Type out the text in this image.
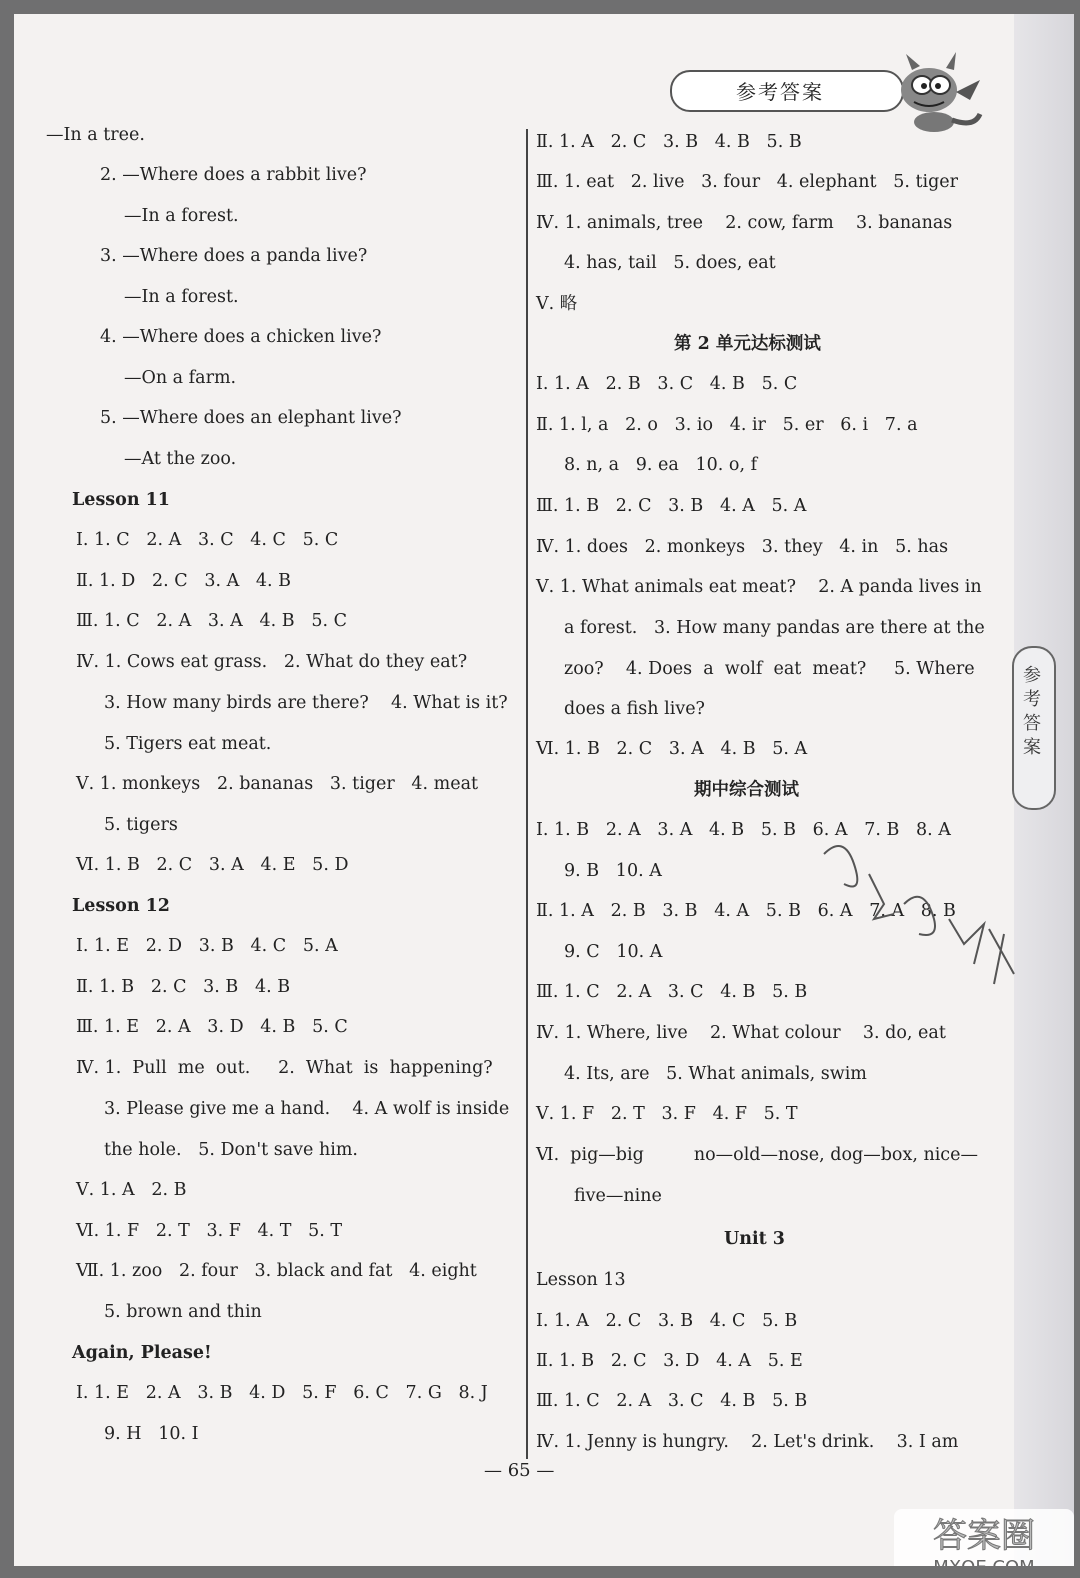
参考答案
参考答案
—In a tree.
2. —Where does a rabbit live?
—In a forest.
3. —Where does a panda live?
—In a forest.
4. —Where does a chicken live?
—On a farm.
5. —Where does an elephant live?
—At the zoo.
Lesson 11
Ⅰ. 1. C   2. A   3. C   4. C   5. C
Ⅱ. 1. D   2. C   3. A   4. B
Ⅲ. 1. C   2. A   3. A   4. B   5. C
Ⅳ. 1. Cows eat grass.   2. What do they eat?
3. How many birds are there?    4. What is it?
5. Tigers eat meat.
Ⅴ. 1. monkeys   2. bananas   3. tiger   4. meat
5. tigers
Ⅵ. 1. B   2. C   3. A   4. E   5. D
Lesson 12
Ⅰ. 1. E   2. D   3. B   4. C   5. A
Ⅱ. 1. B   2. C   3. B   4. B
Ⅲ. 1. E   2. A   3. D   4. B   5. C
Ⅳ. 1.  Pull  me  out.     2.  What  is  happening?
3. Please give me a hand.    4. A wolf is inside
the hole.   5. Don't save him.
Ⅴ. 1. A   2. B
Ⅵ. 1. F   2. T   3. F   4. T   5. T
Ⅶ. 1. zoo   2. four   3. black and fat   4. eight
5. brown and thin
Again, Please!
Ⅰ. 1. E   2. A   3. B   4. D   5. F   6. C   7. G   8. J
9. H   10. I
Ⅱ. 1. A   2. C   3. B   4. B   5. B
Ⅲ. 1. eat   2. live   3. four   4. elephant   5. tiger
Ⅳ. 1. animals, tree    2. cow, farm    3. bananas
4. has, tail   5. does, eat
Ⅴ. 略
第 2 单元达标测试
Ⅰ. 1. A   2. B   3. C   4. B   5. C
Ⅱ. 1. l, a   2. o   3. io   4. ir   5. er   6. i   7. a
8. n, a   9. ea   10. o, f
Ⅲ. 1. B   2. C   3. B   4. A   5. A
Ⅳ. 1. does   2. monkeys   3. they   4. in   5. has
Ⅴ. 1. What animals eat meat?    2. A panda lives in
a forest.   3. How many pandas are there at the
zoo?    4. Does  a  wolf  eat  meat?     5. Where
does a fish live?
Ⅵ. 1. B   2. C   3. A   4. B   5. A
期中综合测试
Ⅰ. 1. B   2. A   3. A   4. B   5. B   6. A   7. B   8. A
9. B   10. A
Ⅱ. 1. A   2. B   3. B   4. A   5. B   6. A   7. A   8. B
9. C   10. A
Ⅲ. 1. C   2. A   3. C   4. B   5. B
Ⅳ. 1. Where, live    2. What colour    3. do, eat
4. Its, are   5. What animals, swim
Ⅴ. 1. F   2. T   3. F   4. F   5. T
Ⅵ.  pig—big         no—old—nose, dog—box, nice—
five—nine
Unit 3
Lesson 13
Ⅰ. 1. A   2. C   3. B   4. C   5. B
Ⅱ. 1. B   2. C   3. D   4. A   5. E
Ⅲ. 1. C   2. A   3. C   4. B   5. B
Ⅳ. 1. Jenny is hungry.    2. Let's drink.    3. I am
— 65 —
答案圈
MXQE.COM
